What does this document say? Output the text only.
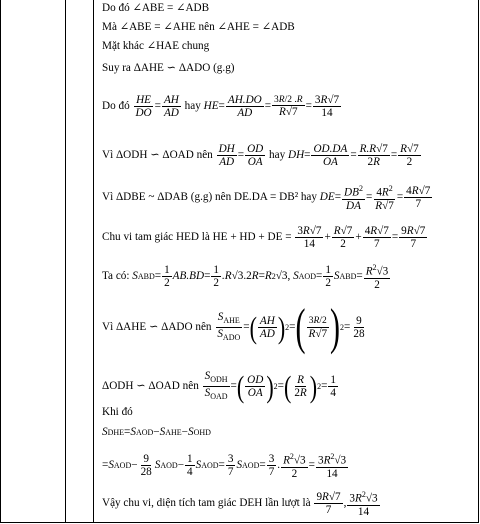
Do đó ∠ABE = ∠ADB
Mà ∠ABE = ∠AHE nên ∠AHE = ∠ADB
Mặt khác ∠HAE chung
Suy ra ΔAHE ∽ ΔADO (g.g)
Do đó
HE
DO
= AH
AD

hay
HE = AH.DO
AD
= 3R/2 .R
R√7 = 3R√7
14
Vì ΔODH ∽ ΔOAD nên
DH
AD
= OD
OA

hay
DH = OD.DA
OA
= R.R√7
2R
= R√7
2
Vì ΔDBE ~ ΔDAB (g.g) nên DE.DA = DB² hay
DE = $DB^2$
DA
= $4R^2$
R√7
= 4R√7
7
Chu vi tam giác HED là HE + HD + DE =
$\frac{3R√7}{14} + R√7$
2
+ 4R√7
7
= 9R√7
7
Ta có:
S ABD = 1
2
AB.BD = 1
2
.R √3.2 R = R 2 √3, S AOD = 1
2
S ABD = $R^2√3$
2
Vì ΔAHE ∽ ΔADO nên

$S_{AHE}$
$S_{ADO}$
= ( AH
AD ) 2 = ( 3R/2
R√7 ) 2 = 9
28
ΔODH ∽ ΔOAD nên

$S_{ODH}$
$S_{OAD}$
= ( OD
OA ) 2 = ( R
2R ) 2 = 1
4
Khi đó
S DHE = S AOD − S AHE − S OHD
= S AOD − 9
28
S AOD − 1
4
S AOD = 3
7
S AOD = 3
7
. $R^2√3$
2
= $3R^2√3$
14
Vậy chu vi, diện tích tam giác DEH lần lượt là
9R√7
7
, $3R^2√3$
14
